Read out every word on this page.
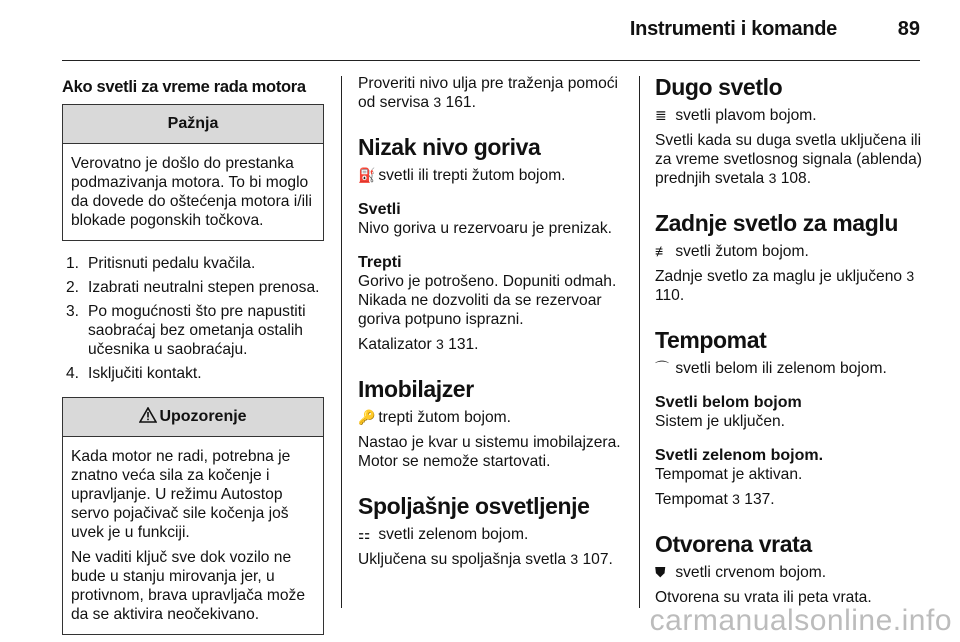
Instrumenti i komande	89
Ako svetli za vreme rada motora
Pažnja

Verovatno je došlo do prestanka podmazivanja motora. To bi moglo da dovede do oštećenja motora i/ili blokade pogonskih točkova.

1. Pritisnuti pedalu kvačila.
2. Izabrati neutralni stepen prenosa.
3. Po mogućnosti što pre napustiti saobraćaj bez ometanja ostalih učesnika u saobraćaju.
4. Isključiti kontakt.
Upozorenje

Kada motor ne radi, potrebna je znatno veća sila za kočenje i upravljanje. U režimu Autostop servo pojačivač sile kočenja još uvek je u funkciji.

Ne vaditi ključ sve dok vozilo ne bude u stanju mirovanja jer, u protivnom, brava upravljača može da se aktivira neočekivano.

Proveriti nivo ulja pre traženja pomoći od servisa 3 161.

Nizak nivo goriva

⛽ svetli ili trepti žutom bojom.

Svetli

Nivo goriva u rezervoaru je prenizak.

Trepti

Gorivo je potrošeno. Dopuniti odmah. Nikada ne dozvoliti da se rezervoar goriva potpuno isprazni.

Katalizator 3 131.

Imobilajzer

🔑 trepti žutom bojom.

Nastao je kvar u sistemu imobilajzera. Motor se nemože startovati.

Spoljašnje osvetljenje

⚏ svetli zelenom bojom.

Uključena su spoljašnja svetla 3 107.

Dugo svetlo

≣ svetli plavom bojom.

Svetli kada su duga svetla uključena ili za vreme svetlosnog signala (ablenda) prednjih svetala 3 108.

Zadnje svetlo za maglu

≢ svetli žutom bojom.

Zadnje svetlo za maglu je uključeno 3 110.

Tempomat

⌒ svetli belom ili zelenom bojom.

Svetli belom bojom

Sistem je uključen.

Svetli zelenom bojom.

Tempomat je aktivan.

Tempomat 3 137.

Otvorena vrata

⛊ svetli crvenom bojom.

Otvorena su vrata ili peta vrata.

carmanualsonline.info
